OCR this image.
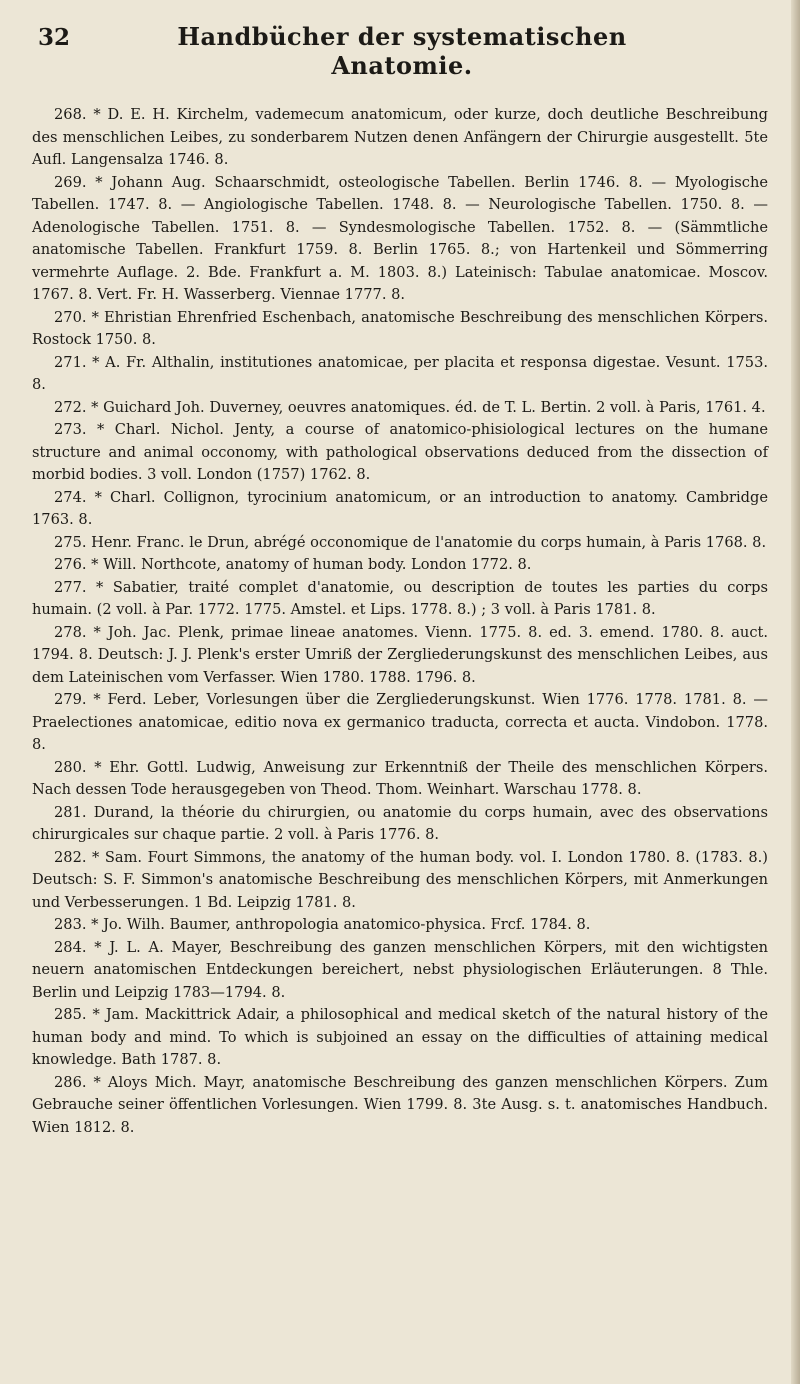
32	Handbücher der systematischen Anatomie.

268. * D. E. H. Kirchelm, vademecum anatomicum, oder kurze, doch deutliche Beschreibung des menschlichen Leibes, zu sonderbarem Nutzen denen Anfängern der Chirurgie ausgestellt. 5te Aufl. Langensalza 1746. 8.

269. * Johann Aug. Schaarschmidt, osteologische Tabellen. Berlin 1746. 8. — Myologische Tabellen. 1747. 8. — Angiologische Tabellen. 1748. 8. — Neurologische Tabellen. 1750. 8. — Adenologische Tabellen. 1751. 8. — Syndesmologische Tabellen. 1752. 8. — (Sämmtliche anatomische Tabellen. Frankfurt 1759. 8. Berlin 1765. 8.; von Hartenkeil und Sömmerring vermehrte Auflage. 2. Bde. Frankfurt a. M. 1803. 8.) Lateinisch: Tabulae anatomicae. Moscov. 1767. 8. Vert. Fr. H. Wasserberg. Viennae 1777. 8.

270. * Ehristian Ehrenfried Eschenbach, anatomische Beschreibung des menschlichen Körpers. Rostock 1750. 8.

271. * A. Fr. Althalin, institutiones anatomicae, per placita et responsa digestae. Vesunt. 1753. 8.

272. * Guichard Joh. Duverney, oeuvres anatomiques. éd. de T. L. Bertin. 2 voll. à Paris, 1761. 4.

273. * Charl. Nichol. Jenty, a course of anatomico-phisiological lectures on the humane structure and animal occonomy, with pathological observations deduced from the dissection of morbid bodies. 3 voll. London (1757) 1762. 8.

274. * Charl. Collignon, tyrocinium anatomicum, or an introduction to anatomy. Cambridge 1763. 8.

275. Henr. Franc. le Drun, abrégé occonomique de l'anatomie du corps humain, à Paris 1768. 8.

276. * Will. Northcote, anatomy of human body. London 1772. 8.

277. * Sabatier, traité complet d'anatomie, ou description de toutes les parties du corps humain. (2 voll. à Par. 1772. 1775. Amstel. et Lips. 1778. 8.) ; 3 voll. à Paris 1781. 8.

278. * Joh. Jac. Plenk, primae lineae anatomes. Vienn. 1775. 8. ed. 3. emend. 1780. 8. auct. 1794. 8. Deutsch: J. J. Plenk's erster Umriß der Zergliederungskunst des menschlichen Leibes, aus dem Lateinischen vom Verfasser. Wien 1780. 1788. 1796. 8.

279. * Ferd. Leber, Vorlesungen über die Zergliederungskunst. Wien 1776. 1778. 1781. 8. — Praelectiones anatomicae, editio nova ex germanico traducta, correcta et aucta. Vindobon. 1778. 8.

280. * Ehr. Gottl. Ludwig, Anweisung zur Erkenntniß der Theile des menschlichen Körpers. Nach dessen Tode herausgegeben von Theod. Thom. Weinhart. Warschau 1778. 8.

281. Durand, la théorie du chirurgien, ou anatomie du corps humain, avec des observations chirurgicales sur chaque partie. 2 voll. à Paris 1776. 8.

282. * Sam. Fourt Simmons, the anatomy of the human body. vol. I. London 1780. 8. (1783. 8.) Deutsch: S. F. Simmon's anatomische Beschreibung des menschlichen Körpers, mit Anmerkungen und Verbesserungen. 1 Bd. Leipzig 1781. 8.

283. * Jo. Wilh. Baumer, anthropologia anatomico-physica. Frcf. 1784. 8.

284. * J. L. A. Mayer, Beschreibung des ganzen menschlichen Körpers, mit den wichtigsten neuern anatomischen Entdeckungen bereichert, nebst physiologischen Erläuterungen. 8 Thle. Berlin und Leipzig 1783—1794. 8.

285. * Jam. Mackittrick Adair, a philosophical and medical sketch of the natural history of the human body and mind. To which is subjoined an essay on the difficulties of attaining medical knowledge. Bath 1787. 8.

286. * Aloys Mich. Mayr, anatomische Beschreibung des ganzen menschlichen Körpers. Zum Gebrauche seiner öffentlichen Vorlesungen. Wien 1799. 8. 3te Ausg. s. t. anatomisches Handbuch. Wien 1812. 8.
